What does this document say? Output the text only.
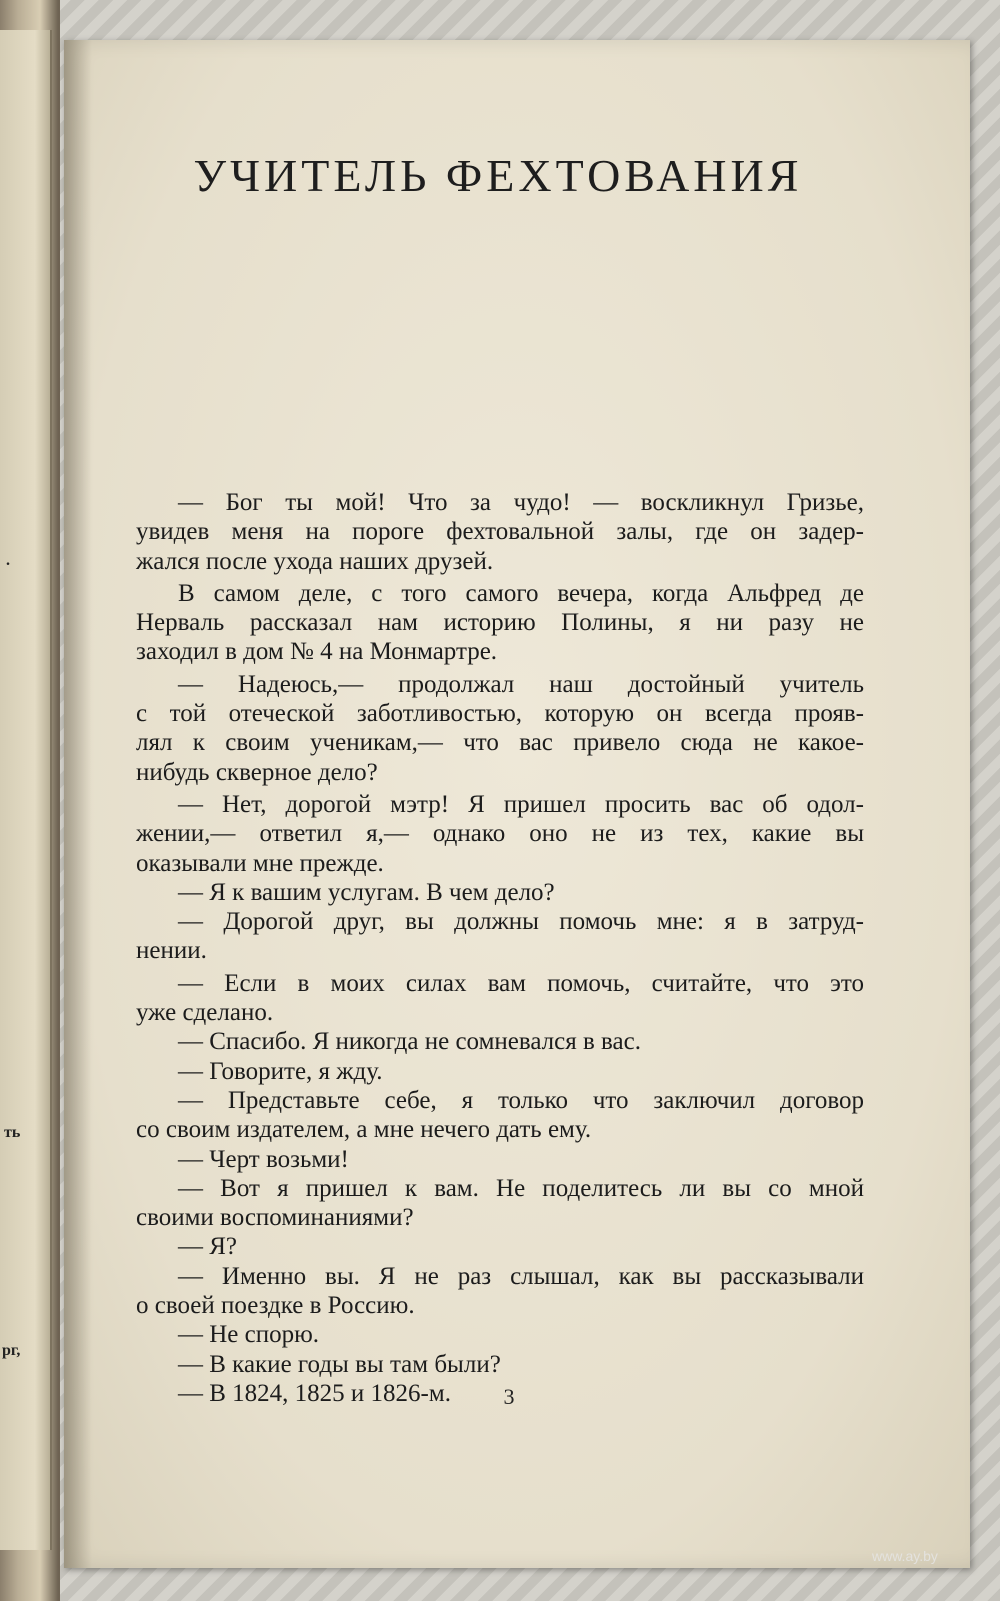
.
ть
рг,
УЧИТЕЛЬ ФЕХТОВАНИЯ
— Бог ты мой! Что за чудо! — воскликнул Гризье,
увидев меня на пороге фехтовальной залы, где он задер-
жался после ухода наших друзей.
В самом деле, с того самого вечера, когда Альфред де
Нерваль рассказал нам историю Полины, я ни разу не
заходил в дом № 4 на Монмартре.
— Надеюсь,— продолжал наш достойный учитель
с той отеческой заботливостью, которую он всегда прояв-
лял к своим ученикам,— что вас привело сюда не какое-
нибудь скверное дело?
— Нет, дорогой мэтр! Я пришел просить вас об одол-
жении,— ответил я,— однако оно не из тех, какие вы
оказывали мне прежде.
— Я к вашим услугам. В чем дело?
— Дорогой друг, вы должны помочь мне: я в затруд-
нении.
— Если в моих силах вам помочь, считайте, что это
уже сделано.
— Спасибо. Я никогда не сомневался в вас.
— Говорите, я жду.
— Представьте себе, я только что заключил договор
со своим издателем, а мне нечего дать ему.
— Черт возьми!
— Вот я пришел к вам. Не поделитесь ли вы со мной
своими воспоминаниями?
— Я?
— Именно вы. Я не раз слышал, как вы рассказывали
о своей поездке в Россию.
— Не спорю.
— В какие годы вы там были?
— В 1824, 1825 и 1826-м.	3
www.ay.by
